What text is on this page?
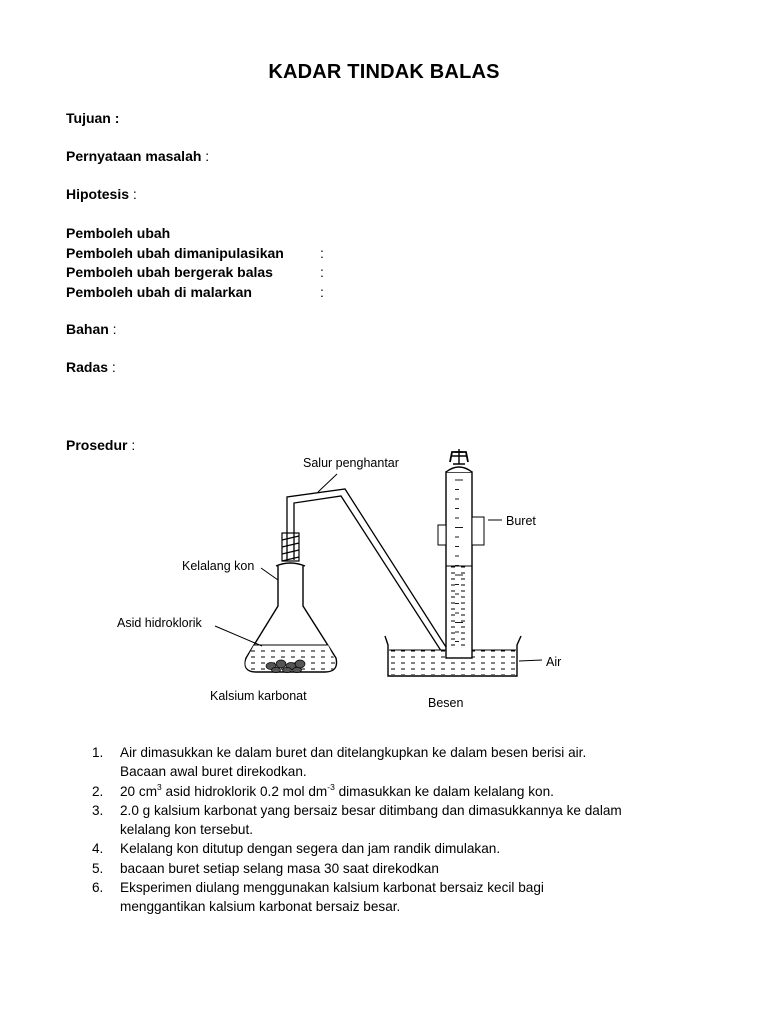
KADAR TINDAK BALAS
Tujuan :
Pernyataan masalah :
Hipotesis :
Pemboleh ubah
Pemboleh ubah dimanipulasikan	:
Pemboleh ubah bergerak balas	:
Pemboleh ubah di malarkan	:
Bahan :
Radas :
Prosedur :
Salur penghantar
Buret
Kelalang kon
Asid hidroklorik
Air
Kalsium karbonat	Besen
1.	Air dimasukkan ke dalam buret dan ditelangkupkan ke dalam besen berisi air.
Bacaan awal buret direkodkan.
2.	20 $cm^3$ asid hidroklorik 0.2 mol $dm^{-3}$ dimasukkan ke dalam kelalang kon.
3.	2.0 g kalsium karbonat yang bersaiz besar ditimbang dan dimasukkannya ke dalam
kelalang kon tersebut.
4.	Kelalang kon ditutup dengan segera dan jam randik dimulakan.
5.	bacaan buret setiap selang masa 30 saat direkodkan
6.	Eksperimen diulang menggunakan kalsium karbonat bersaiz kecil bagi
menggantikan kalsium karbonat bersaiz besar.
